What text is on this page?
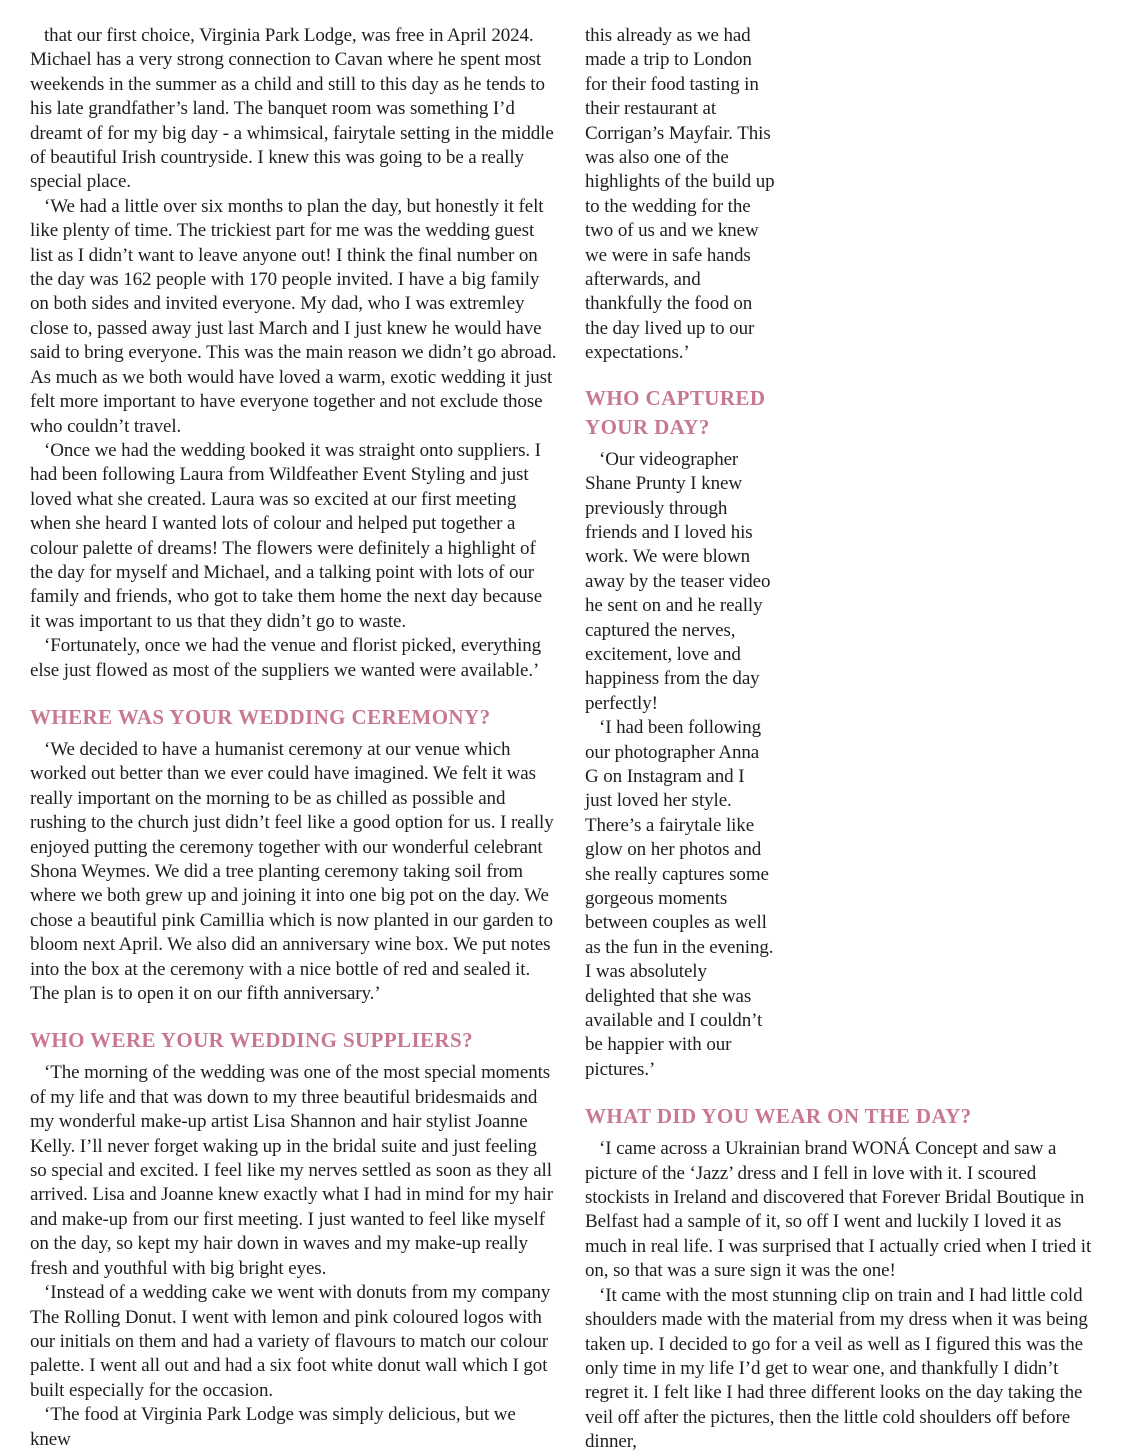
that our first choice, Virginia Park Lodge, was free in April 2024. Michael has a very strong connection to Cavan where he spent most weekends in the summer as a child and still to this day as he tends to his late grandfather’s land. The banquet room was something I’d dreamt of for my big day - a whimsical, fairytale setting in the middle of beautiful Irish countryside. I knew this was going to be a really special place.

‘We had a little over six months to plan the day, but honestly it felt like plenty of time. The trickiest part for me was the wedding guest list as I didn’t want to leave anyone out! I think the final number on the day was 162 people with 170 people invited. I have a big family on both sides and invited everyone. My dad, who I was extremley close to, passed away just last March and I just knew he would have said to bring everyone. This was the main reason we didn’t go abroad. As much as we both would have loved a warm, exotic wedding it just felt more important to have everyone together and not exclude those who couldn’t travel.

‘Once we had the wedding booked it was straight onto suppliers. I had been following Laura from Wildfeather Event Styling and just loved what she created. Laura was so excited at our first meeting when she heard I wanted lots of colour and helped put together a colour palette of dreams! The flowers were definitely a highlight of the day for myself and Michael, and a talking point with lots of our family and friends, who got to take them home the next day because it was important to us that they didn’t go to waste.

‘Fortunately, once we had the venue and florist picked, everything else just flowed as most of the suppliers we wanted were available.’

WHERE WAS YOUR WEDDING CEREMONY?

‘We decided to have a humanist ceremony at our venue which worked out better than we ever could have imagined. We felt it was really important on the morning to be as chilled as possible and rushing to the church just didn’t feel like a good option for us. I really enjoyed putting the ceremony together with our wonderful celebrant Shona Weymes. We did a tree planting ceremony taking soil from where we both grew up and joining it into one big pot on the day. We chose a beautiful pink Camillia which is now planted in our garden to bloom next April. We also did an anniversary wine box. We put notes into the box at the ceremony with a nice bottle of red and sealed it. The plan is to open it on our fifth anniversary.’

WHO WERE YOUR WEDDING SUPPLIERS?

‘The morning of the wedding was one of the most special moments of my life and that was down to my three beautiful bridesmaids and my wonderful make-up artist Lisa Shannon and hair stylist Joanne Kelly. I’ll never forget waking up in the bridal suite and just feeling so special and excited. I feel like my nerves settled as soon as they all arrived. Lisa and Joanne knew exactly what I had in mind for my hair and make-up from our first meeting. I just wanted to feel like myself on the day, so kept my hair down in waves and my make-up really fresh and youthful with big bright eyes.

‘Instead of a wedding cake we went with donuts from my company The Rolling Donut. I went with lemon and pink coloured logos with our initials on them and had a variety of flavours to match our colour palette. I went all out and had a six foot white donut wall which I got built especially for the occasion.

‘The food at Virginia Park Lodge was simply delicious, but we knew

this already as we had made a trip to London for their food tasting in their restaurant at Corrigan’s Mayfair. This was also one of the highlights of the build up to the wedding for the two of us and we knew we were in safe hands afterwards, and thankfully the food on the day lived up to our expectations.’

WHO CAPTURED YOUR DAY?

‘Our videographer Shane Prunty I knew previously through friends and I loved his work. We were blown away by the teaser video he sent on and he really captured the nerves, excitement, love and happiness from the day perfectly!

‘I had been following our photographer Anna G on Instagram and I just loved her style. There’s a fairytale like glow on her photos and she really captures some gorgeous moments between couples as well as the fun in the evening. I was absolutely delighted that she was available and I couldn’t be happier with our pictures.’

WHAT DID YOU WEAR ON THE DAY?

‘I came across a Ukrainian brand WONÁ Concept and saw a picture of the ‘Jazz’ dress and I fell in love with it. I scoured stockists in Ireland and discovered that Forever Bridal Boutique in Belfast had a sample of it, so off I went and luckily I loved it as much in real life. I was surprised that I actually cried when I tried it on, so that was a sure sign it was the one!

‘It came with the most stunning clip on train and I had little cold shoulders made with the material from my dress when it was being taken up. I decided to go for a veil as well as I figured this was the only time in my life I’d get to wear one, and thankfully I didn’t regret it. I felt like I had three different looks on the day taking the veil off after the pictures, then the little cold shoulders off before dinner,
